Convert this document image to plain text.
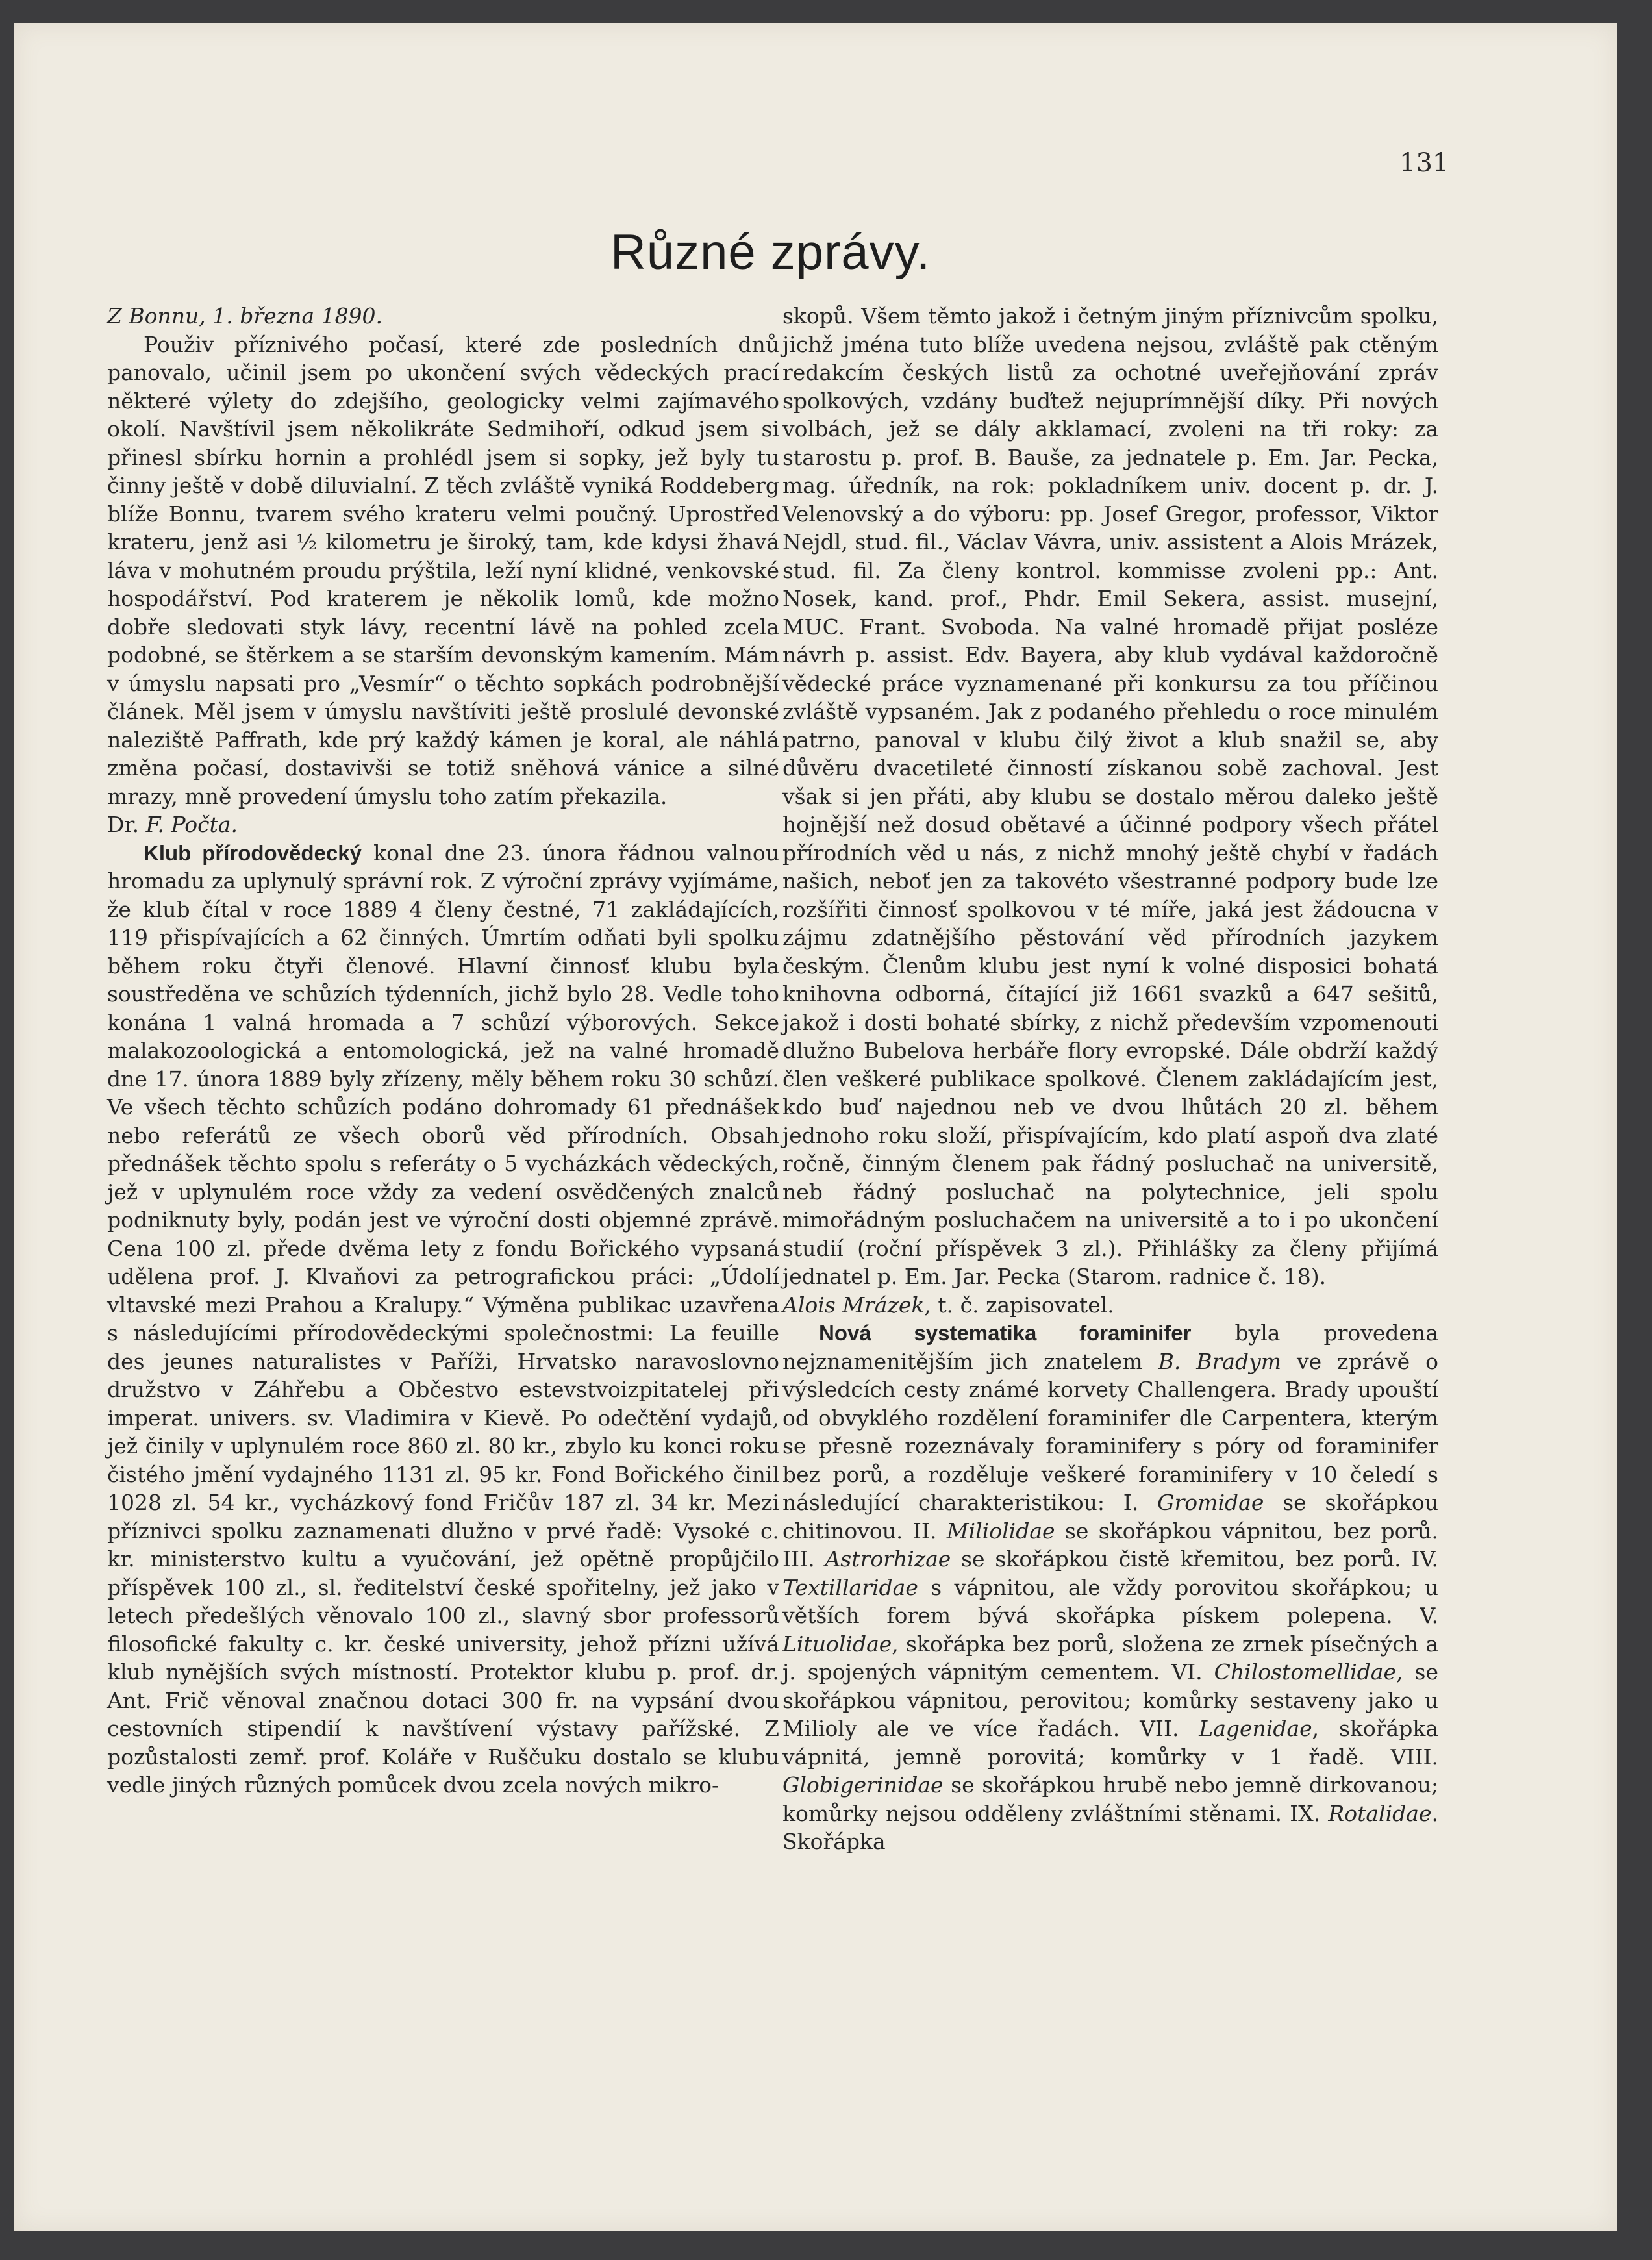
131
Různé zprávy.

Z Bonnu, 1. března 1890.

Použiv příznivého počasí, které zde posledních dnů panovalo, učinil jsem po ukončení svých vědeckých prací některé výlety do zdejšího, geologicky velmi zajímavého okolí. Navštívil jsem několikráte Sedmihoří, odkud jsem si přinesl sbírku hornin a prohlédl jsem si sopky, jež byly tu činny ještě v době diluvialní. Z těch zvláště vyniká Roddeberg blíže Bonnu, tvarem svého krateru velmi poučný. Uprostřed krateru, jenž asi ½ kilometru je široký, tam, kde kdysi žhavá láva v mohutném proudu prýštila, leží nyní klidné, venkovské hospodářství. Pod kraterem je několik lomů, kde možno dobře sledovati styk lávy, recentní lávě na pohled zcela podobné, se štěrkem a se starším devonským kamením. Mám v úmyslu napsati pro „Vesmír“ o těchto sopkách podrobnější článek. Měl jsem v úmyslu navštíviti ještě proslulé devonské naleziště Paffrath, kde prý každý kámen je koral, ale náhlá změna počasí, dostavivši se totiž sněhová vánice a silné mrazy, mně provedení úmyslu toho zatím překazila.

Dr. F. Počta.

Klub přírodovědecký konal dne 23. února řádnou valnou hromadu za uplynulý správní rok. Z výroční zprávy vyjímáme, že klub čítal v roce 1889 4 členy čestné, 71 zakládajících, 119 přispívajících a 62 činných. Úmrtím odňati byli spolku během roku čtyři členové. Hlavní činnosť klubu byla soustředěna ve schůzích týdenních, jichž bylo 28. Vedle toho konána 1 valná hromada a 7 schůzí výborových. Sekce malakozoologická a entomologická, jež na valné hromadě dne 17. února 1889 byly zřízeny, měly během roku 30 schůzí. Ve všech těchto schůzích podáno dohromady 61 přednášek nebo referátů ze všech oborů věd přírodních. Obsah přednášek těchto spolu s referáty o 5 vycházkách vědeckých, jež v uplynulém roce vždy za vedení osvědčených znalců podniknuty byly, podán jest ve výroční dosti objemné zprávě. Cena 100 zl. přede dvěma lety z fondu Bořického vypsaná udělena prof. J. Klvaňovi za petrografickou práci: „Údolí vltavské mezi Prahou a Kralupy.“ Výměna publikac uzavřena s následujícími přírodovědeckými společnostmi: La feuille des jeunes naturalistes v Paříži, Hrvatsko naravoslovno družstvo v Záhřebu a Občestvo estevstvoizpitatelej při imperat. univers. sv. Vladimira v Kievě. Po odečtění vydajů, jež činily v uplynulém roce 860 zl. 80 kr., zbylo ku konci roku čistého jmění vydajného 1131 zl. 95 kr. Fond Bořického činil 1028 zl. 54 kr., vycházkový fond Fričův 187 zl. 34 kr. Mezi příznivci spolku zaznamenati dlužno v prvé řadě: Vysoké c. kr. ministerstvo kultu a vyučování, jež opětně propůjčilo příspěvek 100 zl., sl. ředitelství české spořitelny, jež jako v letech předešlých věnovalo 100 zl., slavný sbor professorů filosofické fakulty c. kr. české university, jehož přízni užívá klub nynějších svých místností. Protektor klubu p. prof. dr. Ant. Frič věnoval značnou dotaci 300 fr. na vypsání dvou cestovních stipendií k navštívení výstavy pařížské. Z pozůstalosti zemř. prof. Koláře v Ruščuku dostalo se klubu vedle jiných různých pomůcek dvou zcela nových mikro-

skopů. Všem těmto jakož i četným jiným příznivcům spolku, jichž jména tuto blíže uvedena nejsou, zvláště pak ctěným redakcím českých listů za ochotné uveřejňování zpráv spolkových, vzdány buďtež nejuprímnější díky. Při nových volbách, jež se dály akklamací, zvoleni na tři roky: za starostu p. prof. B. Bauše, za jednatele p. Em. Jar. Pecka, mag. úředník, na rok: pokladníkem univ. docent p. dr. J. Velenovský a do výboru: pp. Josef Gregor, professor, Viktor Nejdl, stud. fil., Václav Vávra, univ. assistent a Alois Mrázek, stud. fil. Za členy kontrol. kommisse zvoleni pp.: Ant. Nosek, kand. prof., Phdr. Emil Sekera, assist. musejní, MUC. Frant. Svoboda. Na valné hromadě přijat posléze návrh p. assist. Edv. Bayera, aby klub vydával každoročně vědecké práce vyznamenané při konkursu za tou příčinou zvláště vypsaném. Jak z podaného přehledu o roce minulém patrno, panoval v klubu čilý život a klub snažil se, aby důvěru dvacetileté činností získanou sobě zachoval. Jest však si jen přáti, aby klubu se dostalo měrou daleko ještě hojnější než dosud obětavé a účinné podpory všech přátel přírodních věd u nás, z nichž mnohý ještě chybí v řadách našich, neboť jen za takovéto všestranné podpory bude lze rozšířiti činnosť spolkovou v té míře, jaká jest žádoucna v zájmu zdatnějšího pěstování věd přírodních jazykem českým. Členům klubu jest nyní k volné disposici bohatá knihovna odborná, čítající již 1661 svazků a 647 sešitů, jakož i dosti bohaté sbírky, z nichž především vzpomenouti dlužno Bubelova herbáře flory evropské. Dále obdrží každý člen veškeré publikace spolkové. Členem zakládajícím jest, kdo buď najednou neb ve dvou lhůtách 20 zl. během jednoho roku složí, přispívajícím, kdo platí aspoň dva zlaté ročně, činným členem pak řádný posluchač na universitě, neb řádný posluchač na polytechnice, jeli spolu mimořádným posluchačem na universitě a to i po ukončení studií (roční příspěvek 3 zl.). Přihlášky za členy přijímá jednatel p. Em. Jar. Pecka (Starom. radnice č. 18).

Alois Mrázek, t. č. zapisovatel.

Nová systematika foraminifer byla provedena nejznamenitějším jich znatelem B. Bradym ve zprávě o výsledcích cesty známé korvety Challengera. Brady upouští od obvyklého rozdělení foraminifer dle Carpentera, kterým se přesně rozeznávaly foraminifery s póry od foraminifer bez porů, a rozděluje veškeré foraminifery v 10 čeledí s následující charakteristikou: I. Gromidae se skořápkou chitinovou. II. Miliolidae se skořápkou vápnitou, bez porů. III. Astrorhizae se skořápkou čistě křemitou, bez porů. IV. Textillaridae s vápnitou, ale vždy porovitou skořápkou; u větších forem bývá skořápka pískem polepena. V. Lituolidae, skořápka bez porů, složena ze zrnek písečných a j. spojených vápnitým cementem. VI. Chilostomellidae, se skořápkou vápnitou, perovitou; komůrky sestaveny jako u Milioly ale ve více řadách. VII. Lagenidae, skořápka vápnitá, jemně porovitá; komůrky v 1 řadě. VIII. Globigerinidae se skořápkou hrubě nebo jemně dirkovanou; komůrky nejsou odděleny zvláštními stěnami. IX. Rotalidae. Skořápka
